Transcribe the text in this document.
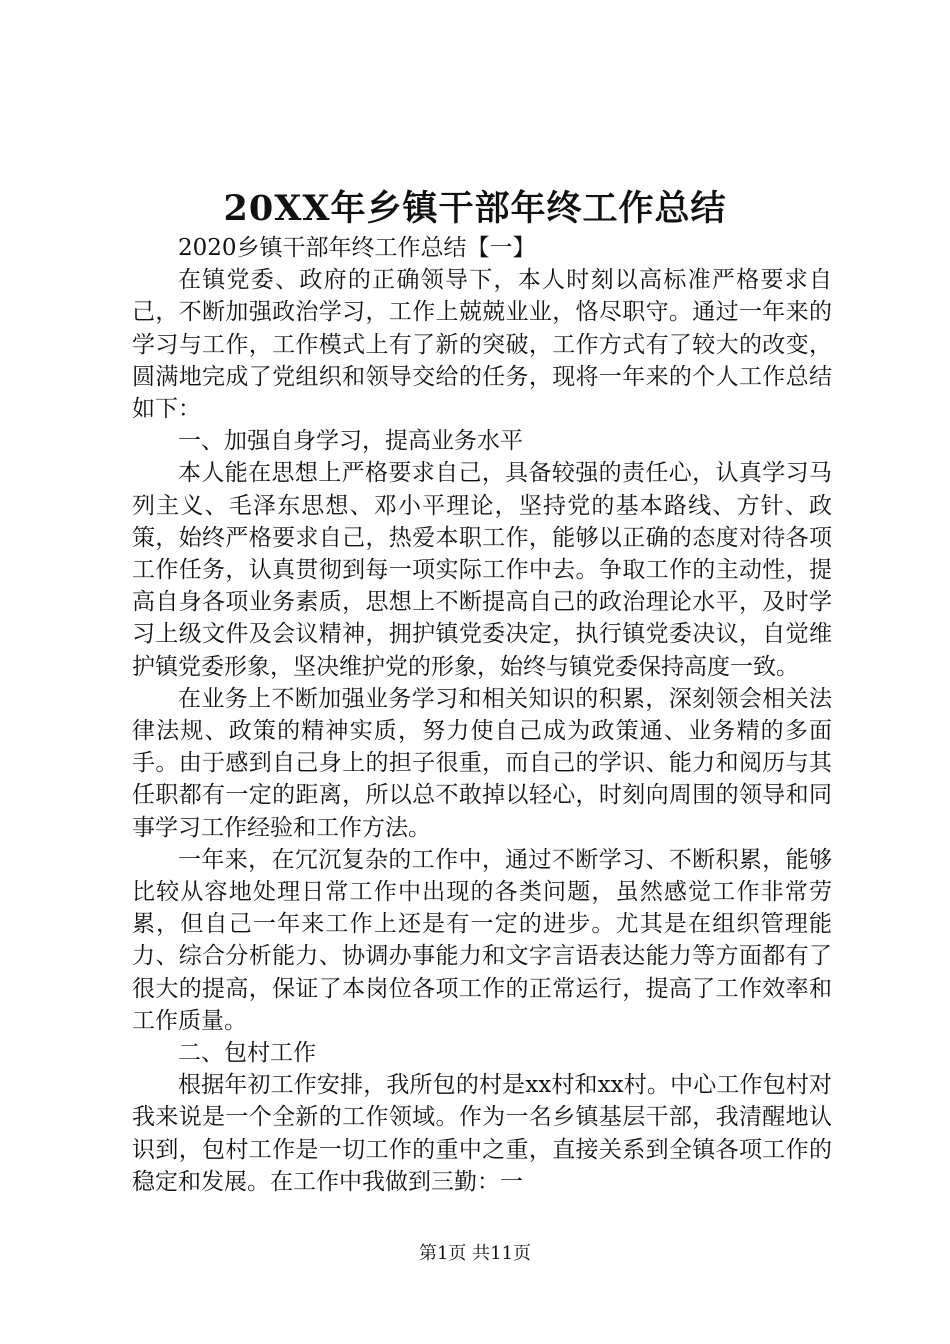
20XX年乡镇干部年终工作总结

2020乡镇干部年终工作总结【一】

在镇党委、政府的正确领导下，本人时刻以高标准严格要求自己，不断加强政治学习，工作上兢兢业业，恪尽职守。通过一年来的学习与工作，工作模式上有了新的突破，工作方式有了较大的改变，圆满地完成了党组织和领导交给的任务，现将一年来的个人工作总结如下：

一、加强自身学习，提高业务水平

本人能在思想上严格要求自己，具备较强的责任心，认真学习马列主义、毛泽东思想、邓小平理论，坚持党的基本路线、方针、政策，始终严格要求自己，热爱本职工作，能够以正确的态度对待各项工作任务，认真贯彻到每一项实际工作中去。争取工作的主动性，提高自身各项业务素质，思想上不断提高自己的政治理论水平，及时学习上级文件及会议精神，拥护镇党委决定，执行镇党委决议，自觉维护镇党委形象，坚决维护党的形象，始终与镇党委保持高度一致。

在业务上不断加强业务学习和相关知识的积累，深刻领会相关法律法规、政策的精神实质，努力使自己成为政策通、业务精的多面手。由于感到自己身上的担子很重，而自己的学识、能力和阅历与其任职都有一定的距离，所以总不敢掉以轻心，时刻向周围的领导和同事学习工作经验和工作方法。

一年来，在冗沉复杂的工作中，通过不断学习、不断积累，能够比较从容地处理日常工作中出现的各类问题，虽然感觉工作非常劳累，但自己一年来工作上还是有一定的进步。尤其是在组织管理能力、综合分析能力、协调办事能力和文字言语表达能力等方面都有了很大的提高，保证了本岗位各项工作的正常运行，提高了工作效率和工作质量。

二、包村工作

根据年初工作安排，我所包的村是xx村和xx村。中心工作包村对我来说是一个全新的工作领域。作为一名乡镇基层干部，我清醒地认识到，包村工作是一切工作的重中之重，直接关系到全镇各项工作的稳定和发展。在工作中我做到三勤：一

第1页 共11页
